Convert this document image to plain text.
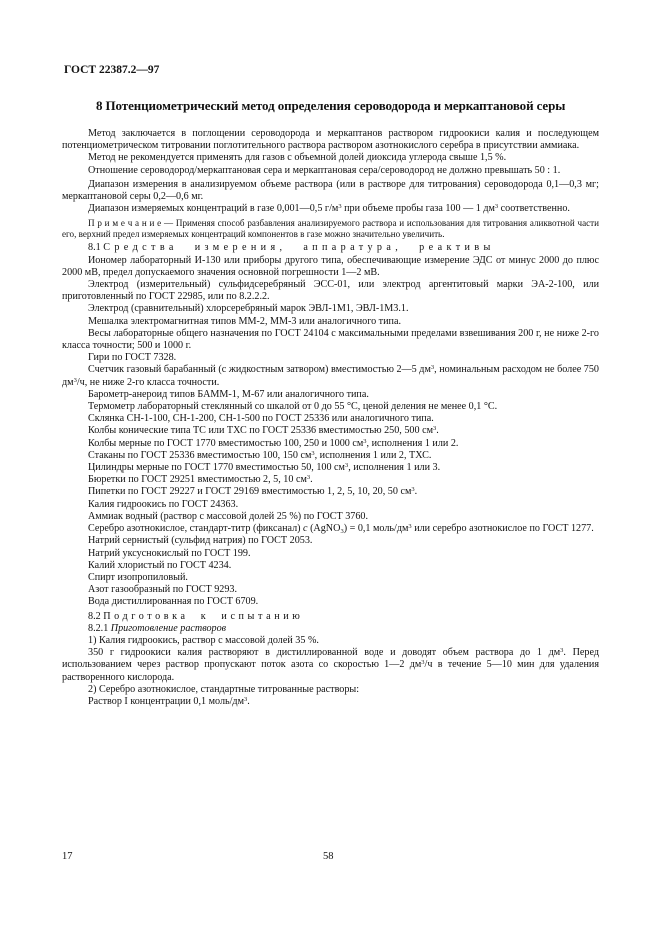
ГОСТ 22387.2—97
8 Потенциометрический метод определения сероводорода и меркаптановой серы

Метод заключается в поглощении сероводорода и меркаптанов раствором гидроокиси калия и последующем потенциометрическом титровании поглотительного раствора раствором азотнокислого серебра в присутствии аммиака.

Метод не рекомендуется применять для газов с объемной долей диоксида углерода свыше 1,5 %.

Отношение сероводород/меркаптановая сера и меркаптановая сера/сероводород не должно превышать 50 : 1.

Диапазон измерения в анализируемом объеме раствора (или в растворе для титрования) сероводорода 0,1—0,3 мг; меркаптановой серы 0,2—0,6 мг.

Диапазон измеряемых концентраций в газе 0,001—0,5 $г/м^3$ при объеме пробы газа 100 — 1 $дм^3$ соответственно.

П р и м е ч а н и е — Применяя способ разбавления анализируемого раствора и использования для титрования аликвотной части его, верхний предел измеряемых концентраций компонентов в газе можно значительно увеличить.

8.1 Средства измерения, аппаратура, реактивы

Иономер лабораторный И-130 или приборы другого типа, обеспечивающие измерение ЭДС от минус 2000 до плюс 2000 мВ, предел допускаемого значения основной погрешности 1—2 мВ.

Электрод (измерительный) сульфидсеребряный ЭСС-01, или электрод аргентитовый марки ЭА-2-100, или приготовленный по ГОСТ 22985, или по 8.2.2.2.

Электрод (сравнительный) хлорсеребряный марок ЭВЛ-1М1, ЭВЛ-1М3.1.

Мешалка электромагнитная типов ММ-2, ММ-3 или аналогичного типа.

Весы лабораторные общего назначения по ГОСТ 24104 с максимальными пределами взвешивания 200 г, не ниже 2-го класса точности; 500 и 1000 г.

Гири по ГОСТ 7328.

Счетчик газовый барабанный (с жидкостным затвором) вместимостью 2—5 $дм^3$, номинальным расходом не более 750 $дм^3/ч$, не ниже 2-го класса точности.

Барометр-анероид типов БАММ-1, М-67 или аналогичного типа.

Термометр лабораторный стеклянный со шкалой от 0 до 55 °С, ценой деления не менее 0,1 °С.

Склянка СН-1-100, СН-1-200, СН-1-500 по ГОСТ 25336 или аналогичного типа.

Колбы конические типа ТС или ТХС по ГОСТ 25336 вместимостью 250, 500 $см^3$.

Колбы мерные по ГОСТ 1770 вместимостью 100, 250 и 1000 $см^3$, исполнения 1 или 2.

Стаканы по ГОСТ 25336 вместимостью 100, 150 $см^3$, исполнения 1 или 2, ТХС.

Цилиндры мерные по ГОСТ 1770 вместимостью 50, 100 $см^3$, исполнения 1 или 3.

Бюретки по ГОСТ 29251 вместимостью 2, 5, 10 $см^3$.

Пипетки по ГОСТ 29227 и ГОСТ 29169 вместимостью 1, 2, 5, 10, 20, 50 $см^3$.

Калия гидроокись по ГОСТ 24363.

Аммиак водный (раствор с массовой долей 25 %) по ГОСТ 3760.

Серебро азотнокислое, стандарт-титр (фиксанал) c (AgNO$_3$) = 0,1 моль/$дм^3$ или серебро азотнокислое по ГОСТ 1277.

Натрий сернистый (сульфид натрия) по ГОСТ 2053.

Натрий уксуснокислый по ГОСТ 199.

Калий хлористый по ГОСТ 4234.

Спирт изопропиловый.

Азот газообразный по ГОСТ 9293.

Вода дистиллированная по ГОСТ 6709.

8.2 Подготовка к испытанию

8.2.1 Приготовление растворов

1) Калия гидроокись, раствор с массовой долей 35 %.

350 г гидроокиси калия растворяют в дистиллированной воде и доводят объем раствора до 1 $дм^3$. Перед использованием через раствор пропускают поток азота со скоростью 1—2 $дм^3/ч$ в течение 5—10 мин для удаления растворенного кислорода.

2) Серебро азотнокислое, стандартные титрованные растворы:

Раствор I концентрации 0,1 моль/$дм^3$.

17	58
